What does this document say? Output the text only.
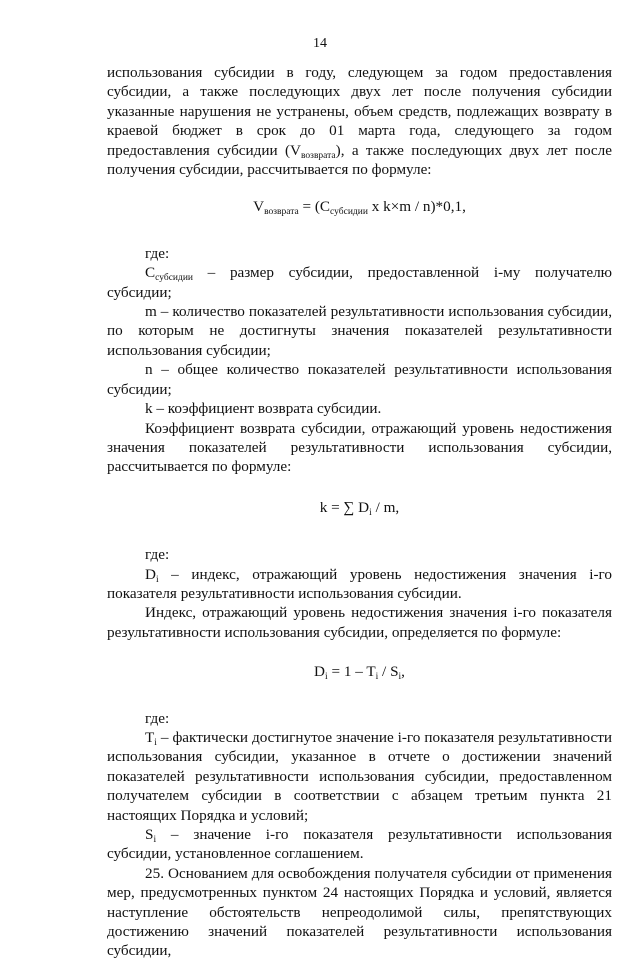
14

использования субсидии в году, следующем за годом предоставления субсидии, а также последующих двух лет после получения субсидии указанные нарушения не устранены, объем средств, подлежащих возврату в краевой бюджет в срок до 01 марта года, следующего за годом предоставления субсидии $(V_{возврата})$, а также последующих двух лет после получения субсидии, рассчитывается по формуле:

$V_{возврата} = (C_{субсидии}$ x k×m / n)*0,1,

где:

$C_{субсидии}$ – размер субсидии, предоставленной i-му получателю субсидии;

m – количество показателей результативности использования субсидии, по которым не достигнуты значения показателей результативности использования субсидии;

n – общее количество показателей результативности использования субсидии;

k – коэффициент возврата субсидии.

Коэффициент возврата субсидии, отражающий уровень недостижения значения показателей результативности использования субсидии, рассчитывается по формуле:

k = ∑ $D_i$ / m,

где:

$D_i$ – индекс, отражающий уровень недостижения значения i-го показателя результативности использования субсидии.

Индекс, отражающий уровень недостижения значения i-го показателя результативности использования субсидии, определяется по формуле:

$D_i = 1 - T_i / S_i$,

где:

$T_i$ – фактически достигнутое значение i-го показателя результативности использования субсидии, указанное в отчете о достижении значений показателей результативности использования субсидии, предоставленном получателем субсидии в соответствии с абзацем третьим пункта 21 настоящих Порядка и условий;

$S_i$ – значение i-го показателя результативности использования субсидии, установленное соглашением.

25. Основанием для освобождения получателя субсидии от применения мер, предусмотренных пунктом 24 настоящих Порядка и условий, является наступление обстоятельств непреодолимой силы, препятствующих достижению значений показателей результативности использования субсидии,
